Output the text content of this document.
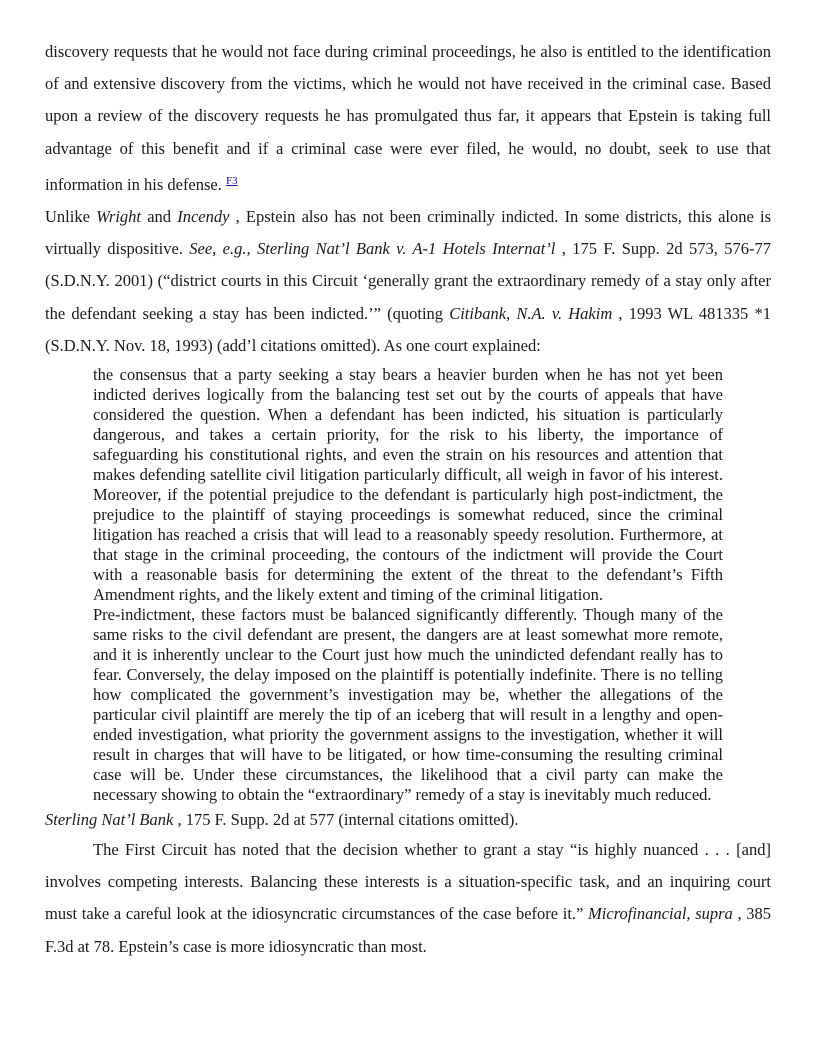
discovery requests that he would not face during criminal proceedings, he also is entitled to the identification of and extensive discovery from the victims, which he would not have received in the criminal case. Based upon a review of the discovery requests he has promulgated thus far, it appears that Epstein is taking full advantage of this benefit and if a criminal case were ever filed, he would, no doubt, seek to use that information in his defense. $^{F3}$

Unlike Wright and Incendy , Epstein also has not been criminally indicted. In some districts, this alone is virtually dispositive. See, e.g., Sterling Nat’l Bank v. A-1 Hotels Internat’l , 175 F. Supp. 2d 573, 576-77 (S.D.N.Y. 2001) (“district courts in this Circuit ‘generally grant the extraordinary remedy of a stay only after the defendant seeking a stay has been indicted.’” (quoting Citibank, N.A. v. Hakim , 1993 WL 481335 *1 (S.D.N.Y. Nov. 18, 1993) (add’l citations omitted). As one court explained:

the consensus that a party seeking a stay bears a heavier burden when he has not yet been indicted derives logically from the balancing test set out by the courts of appeals that have considered the question. When a defendant has been indicted, his situation is particularly dangerous, and takes a certain priority, for the risk to his liberty, the importance of safeguarding his constitutional rights, and even the strain on his resources and attention that makes defending satellite civil litigation particularly difficult, all weigh in favor of his interest. Moreover, if the potential prejudice to the defendant is particularly high post-indictment, the prejudice to the plaintiff of staying proceedings is somewhat reduced, since the criminal litigation has reached a crisis that will lead to a reasonably speedy resolution. Furthermore, at that stage in the criminal proceeding, the contours of the indictment will provide the Court with a reasonable basis for determining the extent of the threat to the defendant’s Fifth Amendment rights, and the likely extent and timing of the criminal litigation.

Pre-indictment, these factors must be balanced significantly differently. Though many of the same risks to the civil defendant are present, the dangers are at least somewhat more remote, and it is inherently unclear to the Court just how much the unindicted defendant really has to fear. Conversely, the delay imposed on the plaintiff is potentially indefinite. There is no telling how complicated the government’s investigation may be, whether the allegations of the particular civil plaintiff are merely the tip of an iceberg that will result in a lengthy and open-ended investigation, what priority the government assigns to the investigation, whether it will result in charges that will have to be litigated, or how time-consuming the resulting criminal case will be. Under these circumstances, the likelihood that a civil party can make the necessary showing to obtain the “extraordinary” remedy of a stay is inevitably much reduced.

Sterling Nat’l Bank , 175 F. Supp. 2d at 577 (internal citations omitted).

The First Circuit has noted that the decision whether to grant a stay “is highly nuanced . . . [and] involves competing interests. Balancing these interests is a situation-specific task, and an inquiring court must take a careful look at the idiosyncratic circumstances of the case before it.” Microfinancial, supra , 385 F.3d at 78. Epstein’s case is more idiosyncratic than most.
